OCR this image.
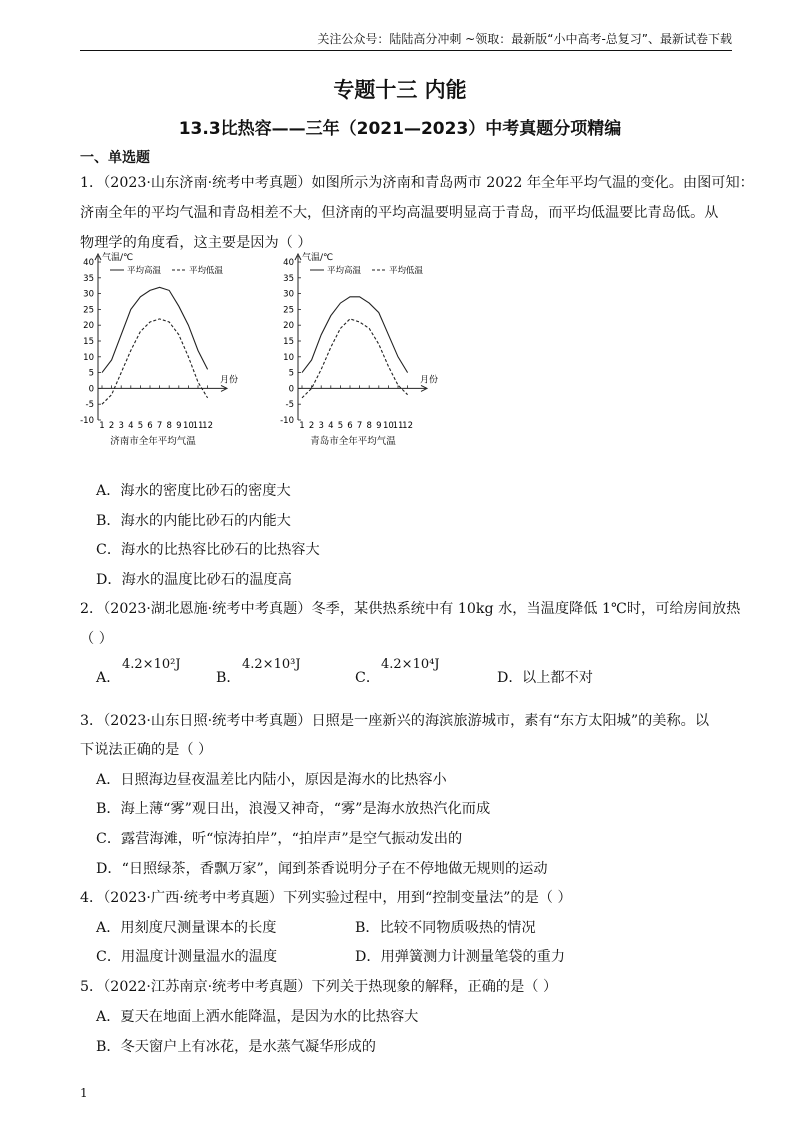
关注公众号：陆陆高分冲刺 ~领取：最新版“小中高考-总复习”、最新试卷下载
专题十三 内能
13.3比热容——三年（2021—2023）中考真题分项精编
一、单选题
1．（2023·山东济南·统考中考真题）如图所示为济南和青岛两市 2022 年全年平均气温的变化。由图可知：
济南全年的平均气温和青岛相差不大，但济南的平均高温要明显高于青岛，而平均低温要比青岛低。从
物理学的角度看，这主要是因为（ ）
气温/℃
-10
-5
0
5
10
15
20
25
30
35
40
1 2 3 4 5 6 7 8 9 10
11
12
月份
平均高温	平均低温
济南市全年平均气温
气温/℃
-10
-5
0
5
10
15
20
25
30
35
40
1 2 3 4 5 6 7 8 9 10
11
12
月份
平均高温	平均低温
青岛市全年平均气温
A．海水的密度比砂石的密度大
B．海水的内能比砂石的内能大
C．海水的比热容比砂石的比热容大
D．海水的温度比砂石的温度高
2．（2023·湖北恩施·统考中考真题）冬季，某供热系统中有 10kg 水，当温度降低 1℃时，可给房间放热
（ ）
A．
4.2×10²J
B．
4.2×10³J
C．
4.2×10⁴J
D． 以上都不对
3．（2023·山东日照·统考中考真题）日照是一座新兴的海滨旅游城市，素有“东方太阳城”的美称。以
下说法正确的是（ ）
A．日照海边昼夜温差比内陆小，原因是海水的比热容小
B．海上薄“雾”观日出，浪漫又神奇，“雾”是海水放热汽化而成
C．露营海滩，听“惊涛拍岸”，“拍岸声”是空气振动发出的
D．“日照绿茶，香飘万家”，闻到茶香说明分子在不停地做无规则的运动
4．（2023·广西·统考中考真题）下列实验过程中，用到“控制变量法”的是（ ）
A．用刻度尺测量课本的长度	B．比较不同物质吸热的情况
C．用温度计测量温水的温度	D．用弹簧测力计测量笔袋的重力
5．（2022·江苏南京·统考中考真题）下列关于热现象的解释，正确的是（ ）
A．夏天在地面上洒水能降温，是因为水的比热容大
B．冬天窗户上有冰花，是水蒸气凝华形成的
1
